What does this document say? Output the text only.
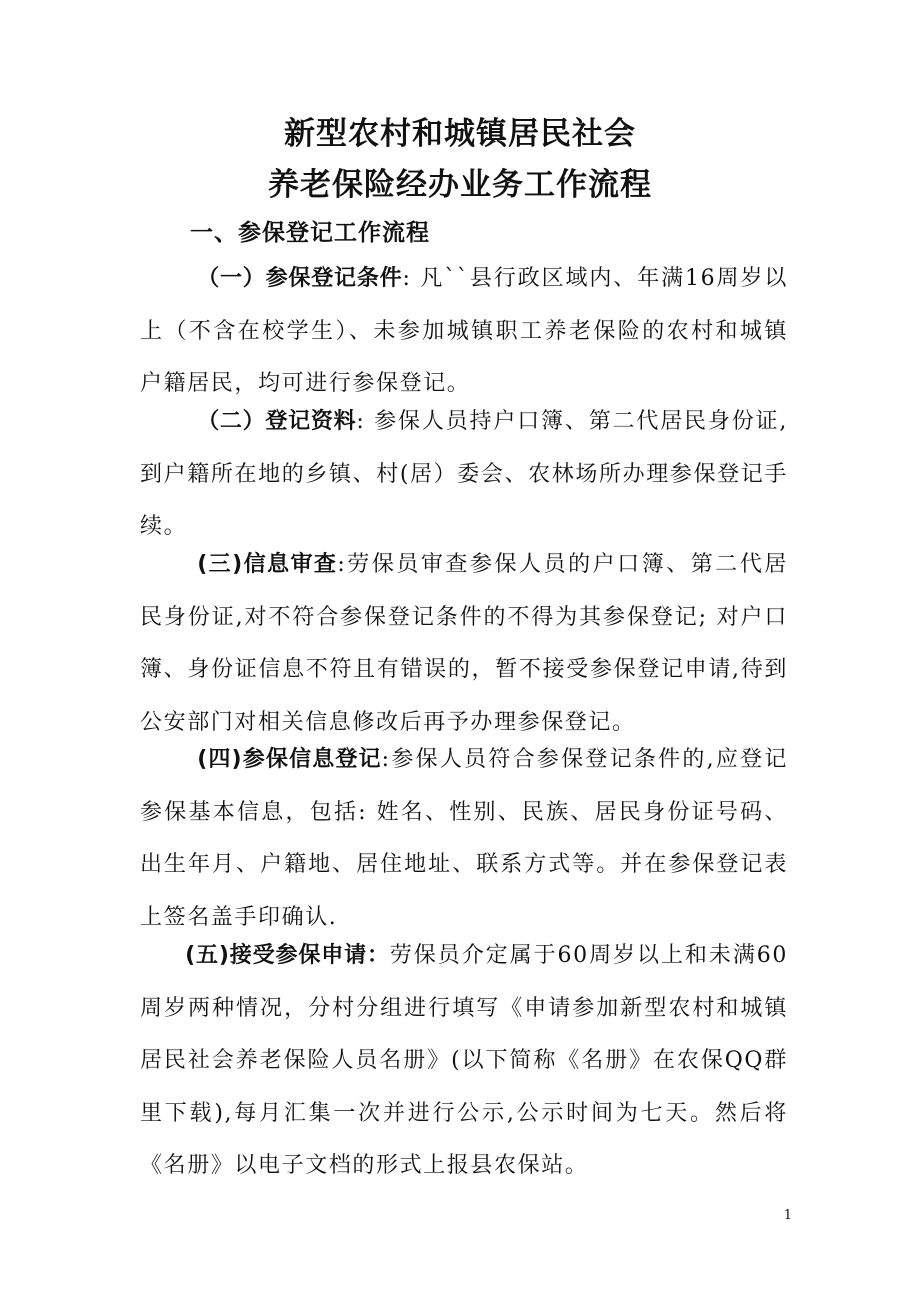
新型农村和城镇居民社会
养老保险经办业务工作流程
一、参保登记工作流程

（一）参保登记条件: 凡``县行政区域内、年满16周岁以上（不含在校学生）、未参加城镇职工养老保险的农村和城镇户籍居民，均可进行参保登记。

（二）登记资料: 参保人员持户口簿、第二代居民身份证,到户籍所在地的乡镇、村(居）委会、农林场所办理参保登记手续。

(三)信息审查:劳保员审查参保人员的户口簿、第二代居民身份证,对不符合参保登记条件的不得为其参保登记; 对户口簿、身份证信息不符且有错误的，暂不接受参保登记申请,待到公安部门对相关信息修改后再予办理参保登记。

(四)参保信息登记:参保人员符合参保登记条件的,应登记参保基本信息，包括: 姓名、性别、民族、居民身份证号码、出生年月、户籍地、居住地址、联系方式等。并在参保登记表上签名盖手印确认.

(五)接受参保申请：劳保员介定属于60周岁以上和未满60周岁两种情况，分村分组进行填写《申请参加新型农村和城镇居民社会养老保险人员名册》(以下简称《名册》在农保QQ群里下载),每月汇集一次并进行公示,公示时间为七天。然后将《名册》以电子文档的形式上报县农保站。

1
